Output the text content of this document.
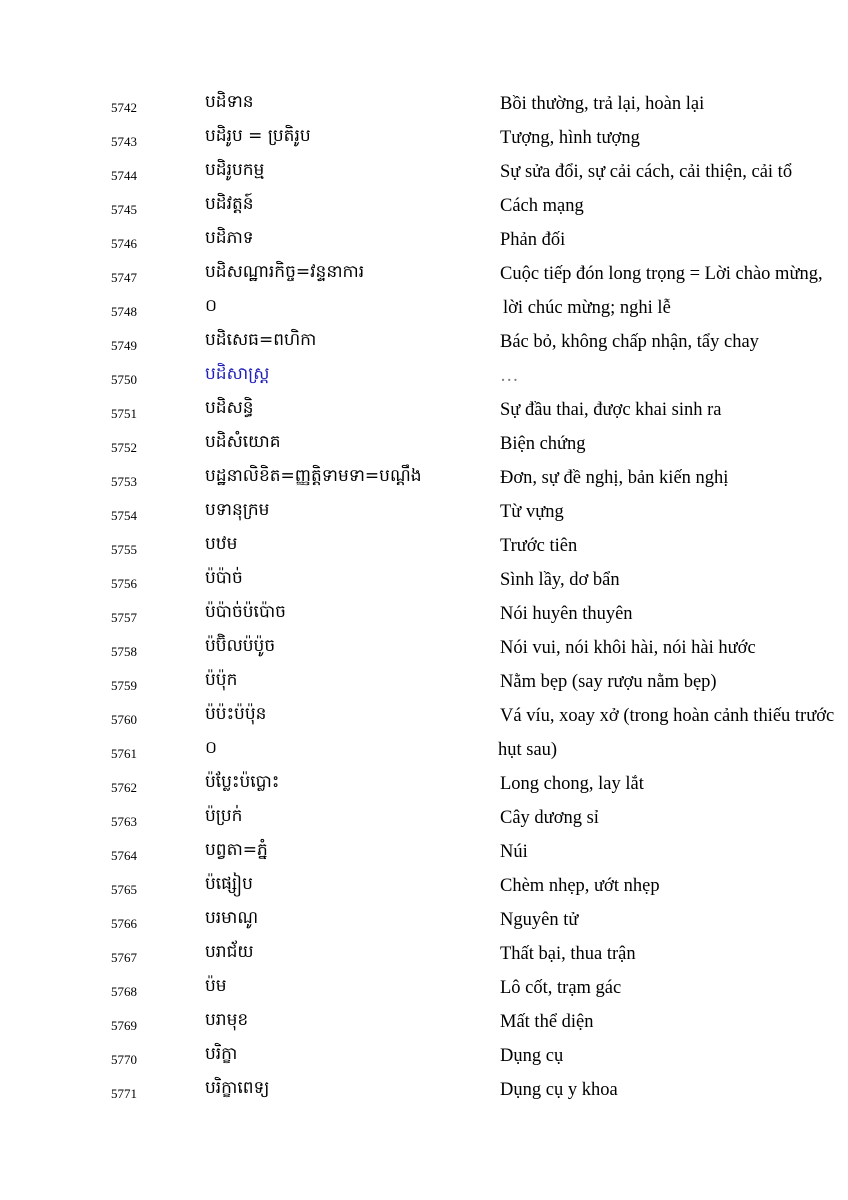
5742	បដិទាន	Bồi thường, trả lại, hoàn lại
5743	បដិរូប = ប្រតិរូប	Tượng, hình tượng
5744	បដិរូបកម្ម	Sự sửa đổi, sự cải cách, cải thiện, cải tổ
5745	បដិវត្តន៍	Cách mạng
5746	បដិភាទ	Phản đối
5747	បដិសណ្ឋារកិច្ច=វន្ទនាការ	Cuộc tiếp đón long trọng = Lời chào mừng,
5748	០	lời chúc mừng; nghi lễ
5749	បដិសេធ=ពហិកា	Bác bỏ, không chấp nhận, tẩy chay
5750	បដិសាស្រ្ត	…
5751	បដិសន្ធិ	Sự đầu thai, được khai sinh ra
5752	បដិសំយោគ	Biện chứng
5753	បដ្ឋនាលិខិត=ញ្ញត្តិទាមទា=បណ្តឹង	Đơn, sự đề nghị, bản kiến nghị
5754	បទានុក្រម	Từ vựng
5755	បឋម	Trước tiên
5756	ប៉ប៉ាច់	Sình lầy, dơ bẩn
5757	ប៉ប៉ាច់ប៉ប៉ោច	Nói huyên thuyên
5758	ប៉ប៊ិលប៉ប៉ូច	Nói vui, nói khôi hài, nói hài hước
5759	ប៉ប៉ុក	Nằm bẹp (say rượu nằm bẹp)
5760	ប៉ប៉ះប៉ប៉ុន	Vá víu, xoay xở (trong hoàn cảnh thiếu trước
5761	០	hụt sau)
5762	ប៉ប្លែះប៉ប្លោះ	Long chong, lay lắt
5763	ប៉ប្រក់	Cây dương sỉ
5764	បព្វតា=ភ្នំ	Núi
5765	ប៉ផ្សៀប	Chèm nhẹp, ướt nhẹp
5766	បរមាណូ	Nguyên tử
5767	បរាជ័យ	Thất bại, thua trận
5768	ប៉ម	Lô cốt, trạm gác
5769	បរាមុខ	Mất thể diện
5770	បរិក្ខា	Dụng cụ
5771	បរិក្ខាពេទ្យ	Dụng cụ y khoa
